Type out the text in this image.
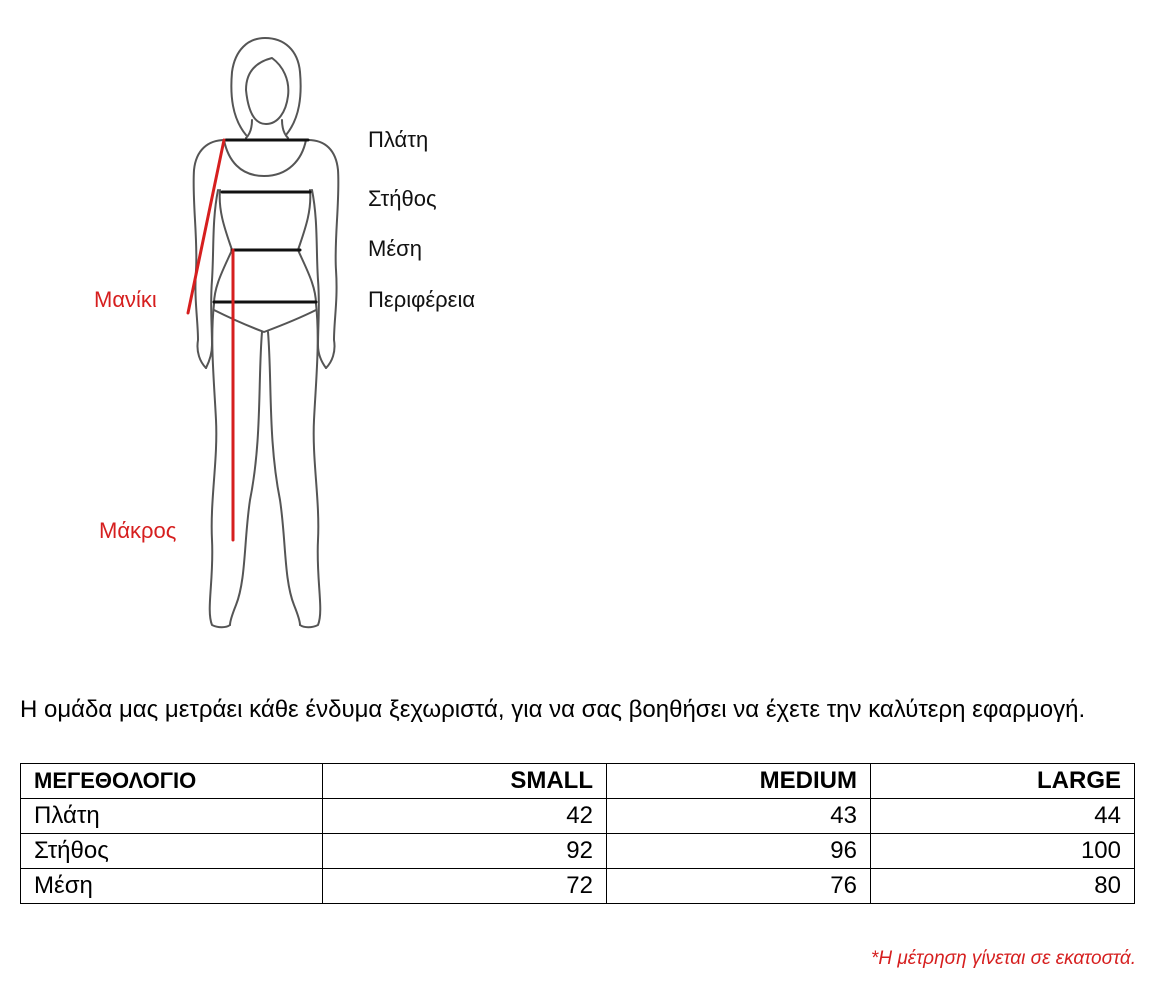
Πλάτη
Στήθος
Μέση
Περιφέρεια
Μανίκι
Μάκρος
Η ομάδα μας μετράει κάθε ένδυμα ξεχωριστά, για να σας βοηθήσει να έχετε την καλύτερη εφαρμογή.
ΜΕΓΕΘΟΛΟΓΙΟ	SMALL	MEDIUM	LARGE
Πλάτη	42	43	44
Στήθος	92	96	100
Μέση	72	76	80
*Η μέτρηση γίνεται σε εκατοστά.
